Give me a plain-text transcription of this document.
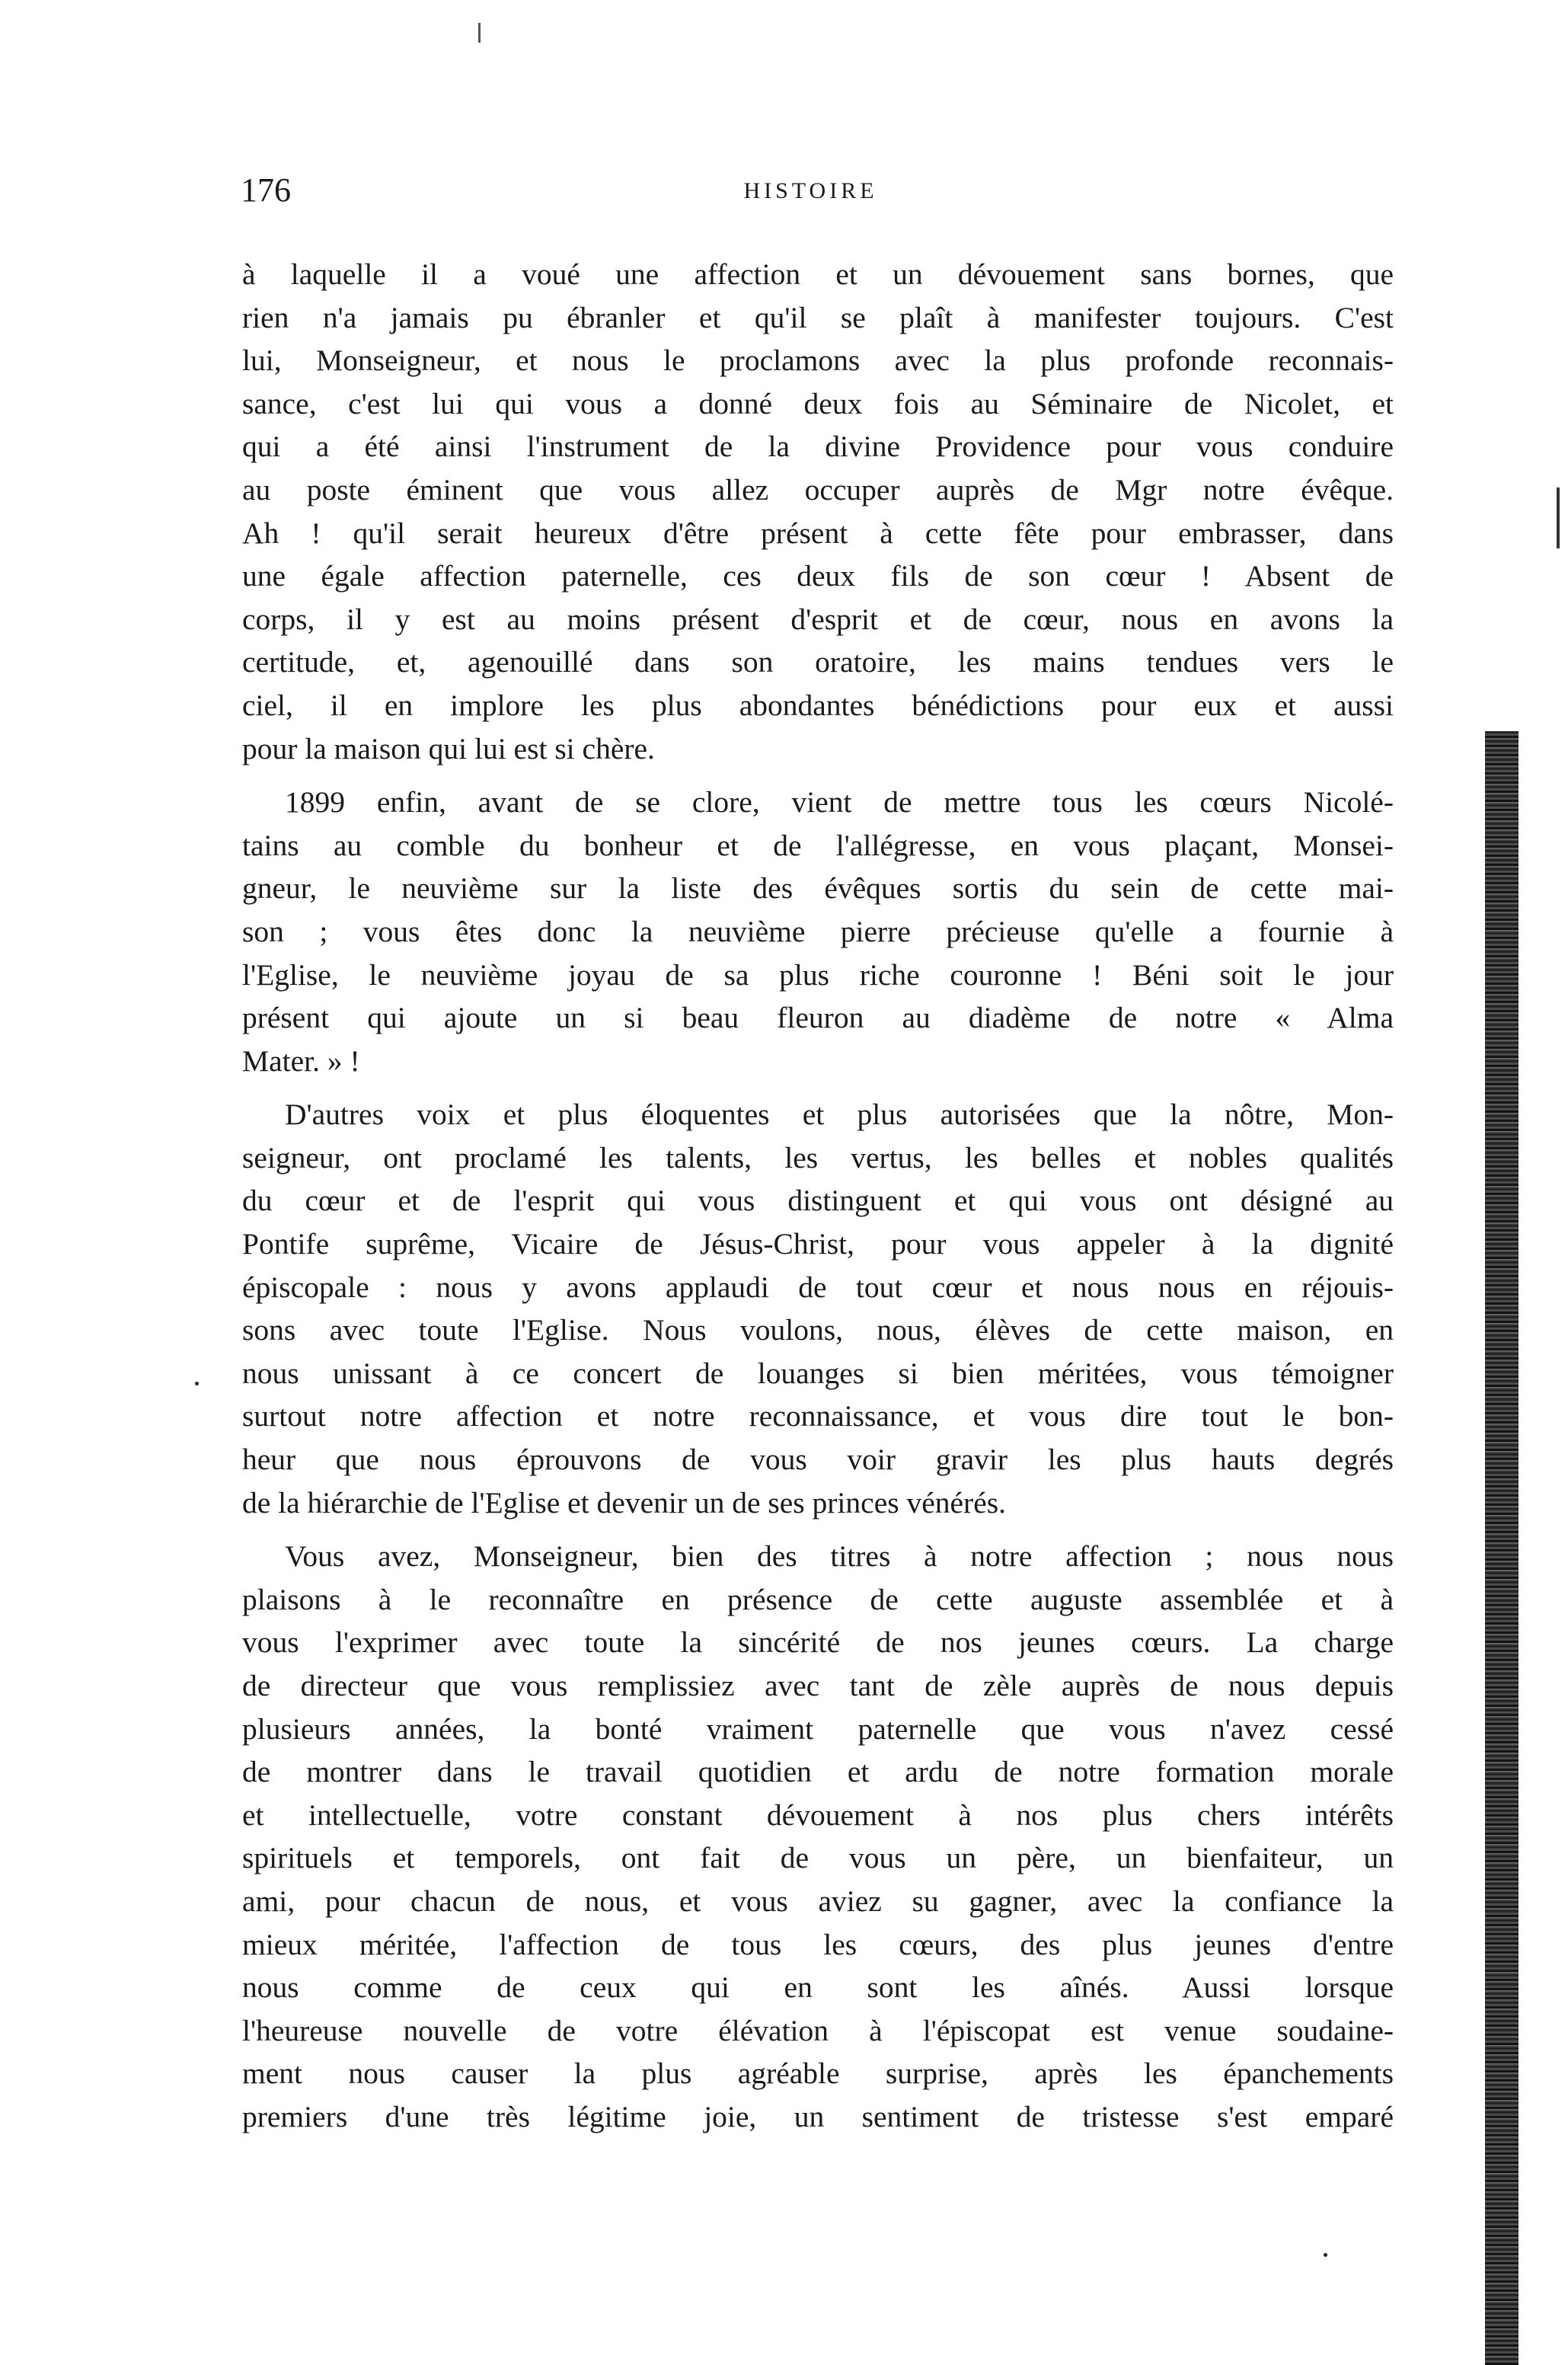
176	HISTOIRE
à laquelle il a voué une affection et un dévouement sans bornes, que
rien n'a jamais pu ébranler et qu'il se plaît à manifester toujours. C'est
lui, Monseigneur, et nous le proclamons avec la plus profonde reconnais-
sance, c'est lui qui vous a donné deux fois au Séminaire de Nicolet, et
qui a été ainsi l'instrument de la divine Providence pour vous conduire
au poste éminent que vous allez occuper auprès de Mgr notre évêque.
Ah ! qu'il serait heureux d'être présent à cette fête pour embrasser, dans
une égale affection paternelle, ces deux fils de son cœur ! Absent de
corps, il y est au moins présent d'esprit et de cœur, nous en avons la
certitude, et, agenouillé dans son oratoire, les mains tendues vers le
ciel, il en implore les plus abondantes bénédictions pour eux et aussi
pour la maison qui lui est si chère.
1899 enfin, avant de se clore, vient de mettre tous les cœurs Nicolé-
tains au comble du bonheur et de l'allégresse, en vous plaçant, Monsei-
gneur, le neuvième sur la liste des évêques sortis du sein de cette mai-
son ; vous êtes donc la neuvième pierre précieuse qu'elle a fournie à
l'Eglise, le neuvième joyau de sa plus riche couronne ! Béni soit le jour
présent qui ajoute un si beau fleuron au diadème de notre « Alma
Mater. » !
D'autres voix et plus éloquentes et plus autorisées que la nôtre, Mon-
seigneur, ont proclamé les talents, les vertus, les belles et nobles qualités
du cœur et de l'esprit qui vous distinguent et qui vous ont désigné au
Pontife suprême, Vicaire de Jésus-Christ, pour vous appeler à la dignité
épiscopale : nous y avons applaudi de tout cœur et nous nous en réjouis-
sons avec toute l'Eglise. Nous voulons, nous, élèves de cette maison, en
nous unissant à ce concert de louanges si bien méritées, vous témoigner
surtout notre affection et notre reconnaissance, et vous dire tout le bon-
heur que nous éprouvons de vous voir gravir les plus hauts degrés
de la hiérarchie de l'Eglise et devenir un de ses princes vénérés.
Vous avez, Monseigneur, bien des titres à notre affection ; nous nous
plaisons à le reconnaître en présence de cette auguste assemblée et à
vous l'exprimer avec toute la sincérité de nos jeunes cœurs. La charge
de directeur que vous remplissiez avec tant de zèle auprès de nous depuis
plusieurs années, la bonté vraiment paternelle que vous n'avez cessé
de montrer dans le travail quotidien et ardu de notre formation morale
et intellectuelle, votre constant dévouement à nos plus chers intérêts
spirituels et temporels, ont fait de vous un père, un bienfaiteur, un
ami, pour chacun de nous, et vous aviez su gagner, avec la confiance la
mieux méritée, l'affection de tous les cœurs, des plus jeunes d'entre
nous comme de ceux qui en sont les aînés. Aussi lorsque
l'heureuse nouvelle de votre élévation à l'épiscopat est venue soudaine-
ment nous causer la plus agréable surprise, après les épanchements
premiers d'une très légitime joie, un sentiment de tristesse s'est emparé
